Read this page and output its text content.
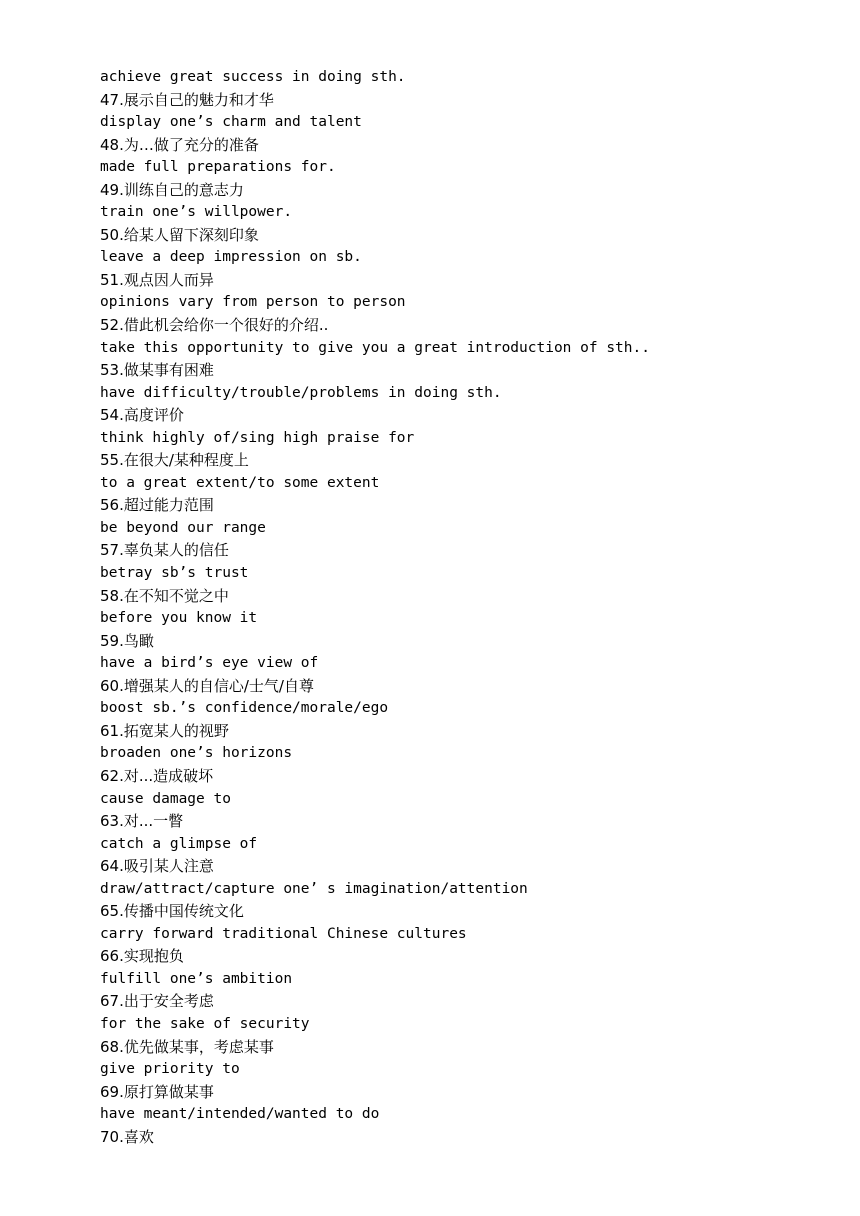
achieve great success in doing sth.
47.展示自己的魅力和才华
display one’s charm and talent
48.为…做了充分的准备
made full preparations for.
49.训练自己的意志力
train one’s willpower.
50.给某人留下深刻印象
leave a deep impression on sb.
51.观点因人而异
opinions vary from person to person
52.借此机会给你一个很好的介绍..
take this opportunity to give you a great introduction of sth..
53.做某事有困难
have difficulty/trouble/problems in doing sth.
54.高度评价
think highly of/sing high praise for
55.在很大/某种程度上
to a great extent/to some extent
56.超过能力范围
be beyond our range
57.辜负某人的信任
betray sb’s trust
58.在不知不觉之中
before you know it
59.鸟瞰
have a bird’s eye view of
60.增强某人的自信心/士气/自尊
boost sb.’s confidence/morale/ego
61.拓宽某人的视野
broaden one’s horizons
62.对...造成破坏
cause damage to
63.对...一瞥
catch a glimpse of
64.吸引某人注意
draw/attract/capture one’ s imagination/attention
65.传播中国传统文化
carry forward traditional Chinese cultures
66.实现抱负
fulfill one’s ambition
67.出于安全考虑
for the sake of security
68.优先做某事，考虑某事
give priority to
69.原打算做某事
have meant/intended/wanted to do
70.喜欢
